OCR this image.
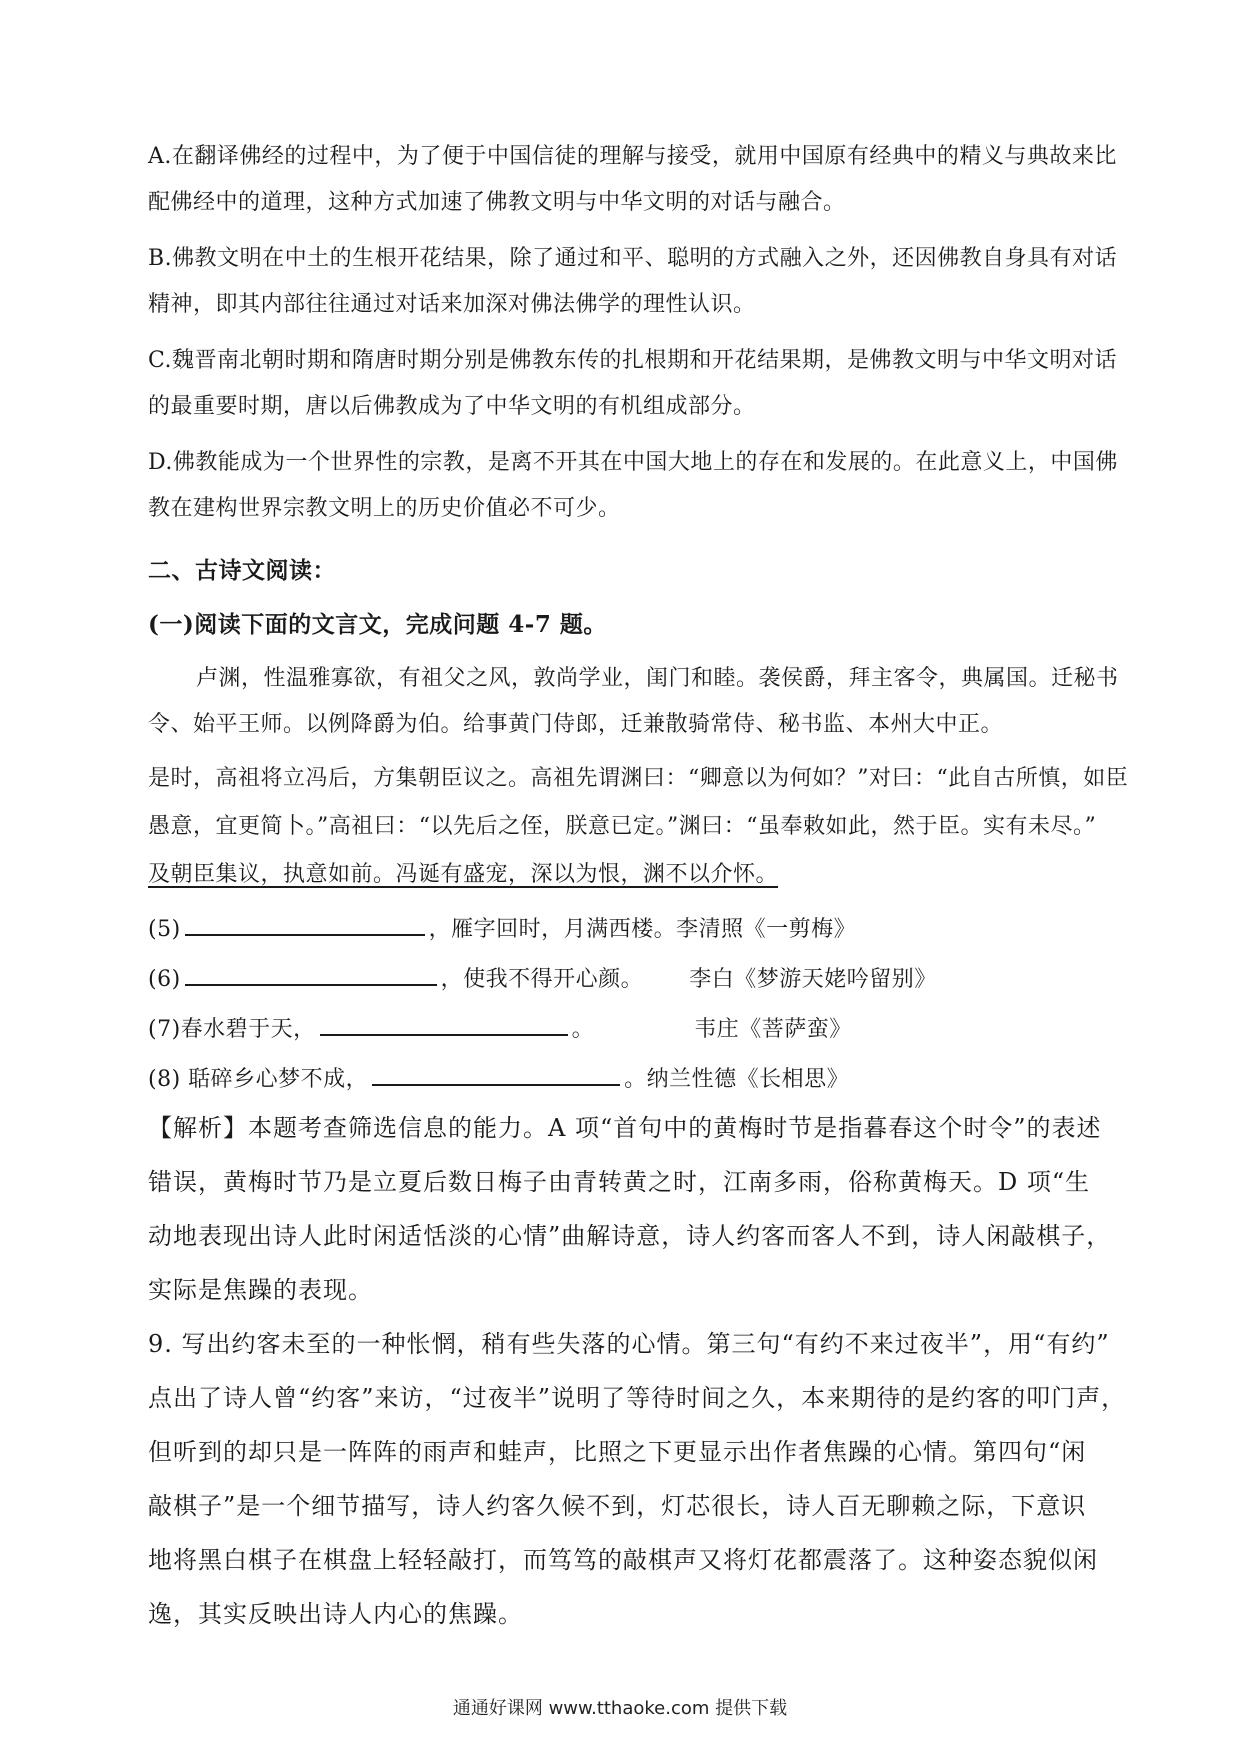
A.在翻译佛经的过程中，为了便于中国信徒的理解与接受，就用中国原有经典中的精义与典故来比
配佛经中的道理，这种方式加速了佛教文明与中华文明的对话与融合。
B.佛教文明在中土的生根开花结果，除了通过和平、聪明的方式融入之外，还因佛教自身具有对话
精神，即其内部往往通过对话来加深对佛法佛学的理性认识。
C.魏晋南北朝时期和隋唐时期分别是佛教东传的扎根期和开花结果期，是佛教文明与中华文明对话
的最重要时期，唐以后佛教成为了中华文明的有机组成部分。
D.佛教能成为一个世界性的宗教，是离不开其在中国大地上的存在和发展的。在此意义上，中国佛
教在建构世界宗教文明上的历史价值必不可少。
二、古诗文阅读：
(一)阅读下面的文言文，完成问题 4-7 题。
卢渊，性温雅寡欲，有祖父之风，敦尚学业，闺门和睦。袭侯爵，拜主客令，典属国。迁秘书
令、始平王师。以例降爵为伯。给事黄门侍郎，迁兼散骑常侍、秘书监、本州大中正。
是时，高祖将立冯后，方集朝臣议之。高祖先谓渊曰：“卿意以为何如？”对曰：“此自古所慎，如臣
愚意，宜更简卜。”高祖曰：“以先后之侄，朕意已定。”渊曰：“虽奉敕如此，然于臣。实有未尽。”
及朝臣集议，执意如前。冯诞有盛宠，深以为恨，渊不以介怀。
(5)	，雁字回时，月满西楼。李清照《一剪梅》
(6)	，使我不得开心颜。 李白《梦游天姥吟留别》
(7)春水碧于天，	。	韦庄《菩萨蛮》
(8) 聒碎乡心梦不成，	。纳兰性德《长相思》
【解析】本题考查筛选信息的能力。A 项“首句中的黄梅时节是指暮春这个时令”的表述
错误，黄梅时节乃是立夏后数日梅子由青转黄之时，江南多雨，俗称黄梅天。D 项“生
动地表现出诗人此时闲适恬淡的心情”曲解诗意，诗人约客而客人不到，诗人闲敲棋子，
实际是焦躁的表现。
9. 写出约客未至的一种怅惘，稍有些失落的心情。第三句“有约不来过夜半”，用“有约”
点出了诗人曾“约客”来访，“过夜半”说明了等待时间之久，本来期待的是约客的叩门声，
但听到的却只是一阵阵的雨声和蛙声，比照之下更显示出作者焦躁的心情。第四句“闲
敲棋子”是一个细节描写，诗人约客久候不到，灯芯很长，诗人百无聊赖之际，下意识
地将黑白棋子在棋盘上轻轻敲打，而笃笃的敲棋声又将灯花都震落了。这种姿态貌似闲
逸，其实反映出诗人内心的焦躁。
通通好课网 www.tthaoke.com 提供下载
